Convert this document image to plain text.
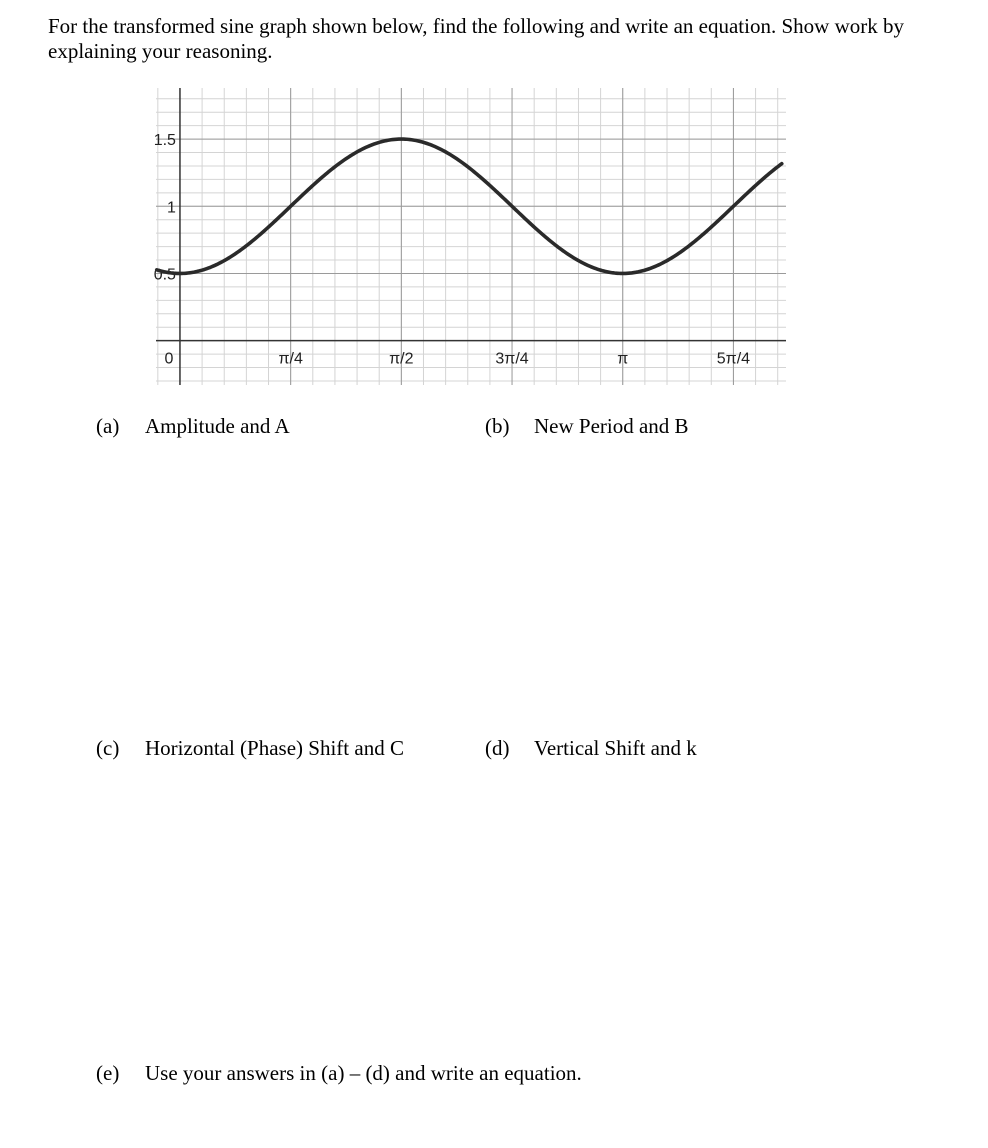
For the transformed sine graph shown below, find the following and write an equation. Show work by explaining your reasoning.
0	π/4	π/2	3π/4	π	5π/4
0.5
1
1.5
(a) Amplitude and A	(b) New Period and B
(c) Horizontal (Phase) Shift and C	(d) Vertical Shift and k
(e) Use your answers in (a) – (d) and write an equation.
